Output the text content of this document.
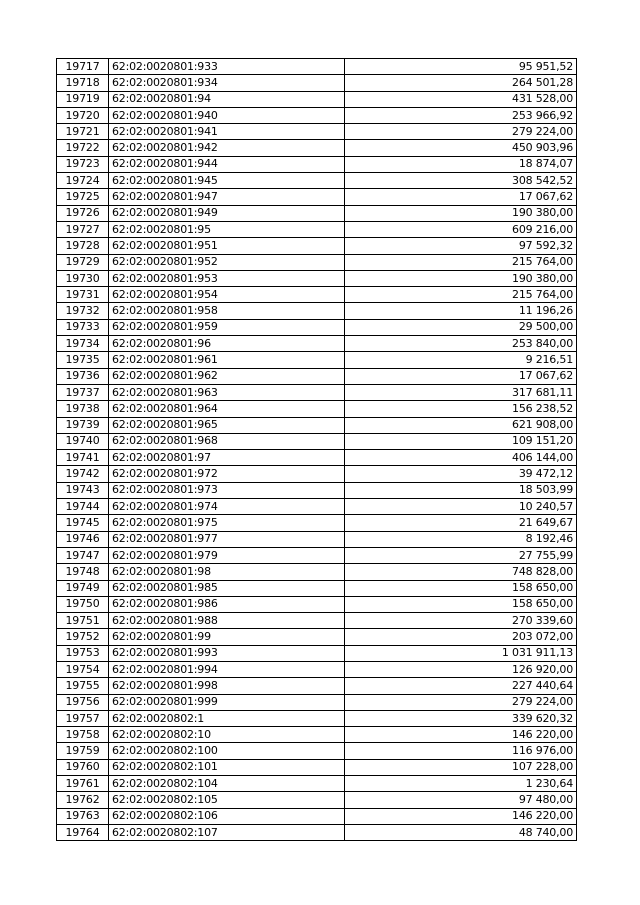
19717	62:02:0020801:933	95 951,52
19718	62:02:0020801:934	264 501,28
19719	62:02:0020801:94	431 528,00
19720	62:02:0020801:940	253 966,92
19721	62:02:0020801:941	279 224,00
19722	62:02:0020801:942	450 903,96
19723	62:02:0020801:944	18 874,07
19724	62:02:0020801:945	308 542,52
19725	62:02:0020801:947	17 067,62
19726	62:02:0020801:949	190 380,00
19727	62:02:0020801:95	609 216,00
19728	62:02:0020801:951	97 592,32
19729	62:02:0020801:952	215 764,00
19730	62:02:0020801:953	190 380,00
19731	62:02:0020801:954	215 764,00
19732	62:02:0020801:958	11 196,26
19733	62:02:0020801:959	29 500,00
19734	62:02:0020801:96	253 840,00
19735	62:02:0020801:961	9 216,51
19736	62:02:0020801:962	17 067,62
19737	62:02:0020801:963	317 681,11
19738	62:02:0020801:964	156 238,52
19739	62:02:0020801:965	621 908,00
19740	62:02:0020801:968	109 151,20
19741	62:02:0020801:97	406 144,00
19742	62:02:0020801:972	39 472,12
19743	62:02:0020801:973	18 503,99
19744	62:02:0020801:974	10 240,57
19745	62:02:0020801:975	21 649,67
19746	62:02:0020801:977	8 192,46
19747	62:02:0020801:979	27 755,99
19748	62:02:0020801:98	748 828,00
19749	62:02:0020801:985	158 650,00
19750	62:02:0020801:986	158 650,00
19751	62:02:0020801:988	270 339,60
19752	62:02:0020801:99	203 072,00
19753	62:02:0020801:993	1 031 911,13
19754	62:02:0020801:994	126 920,00
19755	62:02:0020801:998	227 440,64
19756	62:02:0020801:999	279 224,00
19757	62:02:0020802:1	339 620,32
19758	62:02:0020802:10	146 220,00
19759	62:02:0020802:100	116 976,00
19760	62:02:0020802:101	107 228,00
19761	62:02:0020802:104	1 230,64
19762	62:02:0020802:105	97 480,00
19763	62:02:0020802:106	146 220,00
19764	62:02:0020802:107	48 740,00
